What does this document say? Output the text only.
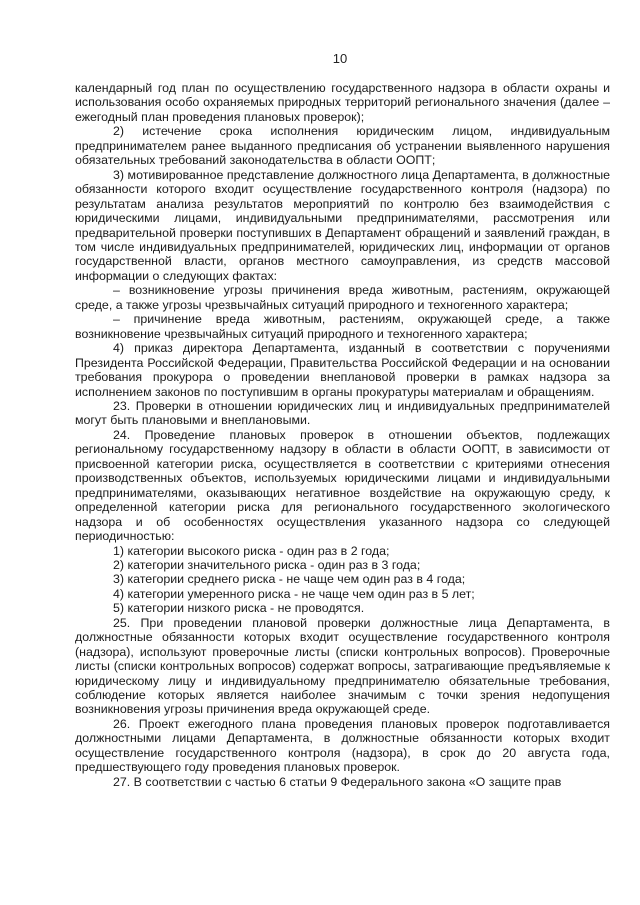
10

календарный год план по осуществлению государственного надзора в области охраны и использования особо охраняемых природных территорий регионального значения (далее – ежегодный план проведения плановых проверок);

2) истечение срока исполнения юридическим лицом, индивидуальным предпринимателем ранее выданного предписания об устранении выявленного нарушения обязательных требований законодательства в области ООПТ;

3) мотивированное представление должностного лица Департамента, в должностные обязанности которого входит осуществление государственного контроля (надзора) по результатам анализа результатов мероприятий по контролю без взаимодействия с юридическими лицами, индивидуальными предпринимателями, рассмотрения или предварительной проверки поступивших в Департамент обращений и заявлений граждан, в том числе индивидуальных предпринимателей, юридических лиц, информации от органов государственной власти, органов местного самоуправления, из средств массовой информации о следующих фактах:

– возникновение угрозы причинения вреда животным, растениям, окружающей среде, а также угрозы чрезвычайных ситуаций природного и техногенного характера;

– причинение вреда животным, растениям, окружающей среде, а также возникновение чрезвычайных ситуаций природного и техногенного характера;

4) приказ директора Департамента, изданный в соответствии с поручениями Президента Российской Федерации, Правительства Российской Федерации и на основании требования прокурора о проведении внеплановой проверки в рамках надзора за исполнением законов по поступившим в органы прокуратуры материалам и обращениям.

23. Проверки в отношении юридических лиц и индивидуальных предпринимателей могут быть плановыми и внеплановыми.

24. Проведение плановых проверок в отношении объектов, подлежащих региональному государственному надзору в области в области ООПТ, в зависимости от присвоенной категории риска, осуществляется в соответствии с критериями отнесения производственных объектов, используемых юридическими лицами и индивидуальными предпринимателями, оказывающих негативное воздействие на окружающую среду, к определенной категории риска для регионального государственного экологического надзора и об особенностях осуществления указанного надзора со следующей периодичностью:

1) категории высокого риска - один раз в 2 года;

2) категории значительного риска - один раз в 3 года;

3) категории среднего риска - не чаще чем один раз в 4 года;

4) категории умеренного риска - не чаще чем один раз в 5 лет;

5) категории низкого риска - не проводятся.

25. При проведении плановой проверки должностные лица Департамента, в должностные обязанности которых входит осуществление государственного контроля (надзора), используют проверочные листы (списки контрольных вопросов). Проверочные листы (списки контрольных вопросов) содержат вопросы, затрагивающие предъявляемые к юридическому лицу и индивидуальному предпринимателю обязательные требования, соблюдение которых является наиболее значимым с точки зрения недопущения возникновения угрозы причинения вреда окружающей среде.

26. Проект ежегодного плана проведения плановых проверок подготавливается должностными лицами Департамента, в должностные обязанности которых входит осуществление государственного контроля (надзора), в срок до 20 августа года, предшествующего году проведения плановых проверок.

27. В соответствии с частью 6 статьи 9 Федерального закона «О защите прав
